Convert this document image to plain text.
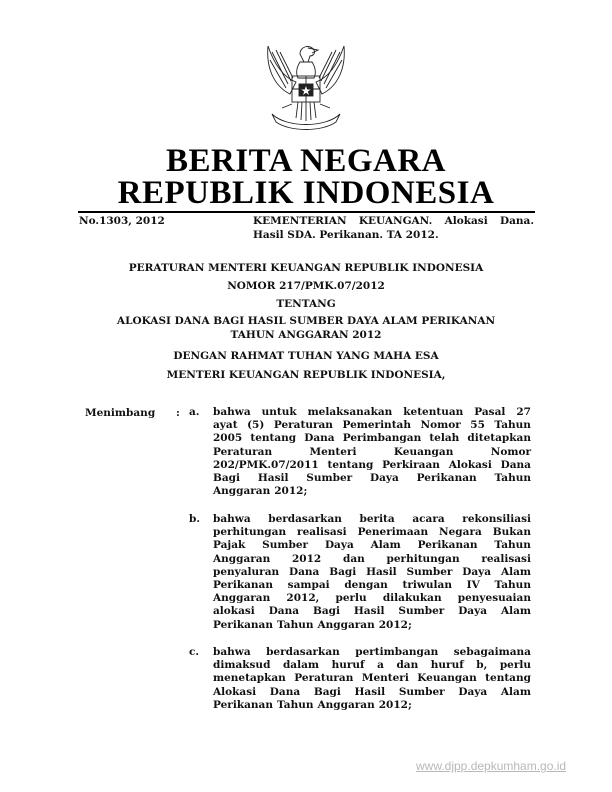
BERITA NEGARA
REPUBLIK INDONESIA
No.1303, 2012	KEMENTERIAN KEUANGAN. Alokasi Dana.
Hasil SDA. Perikanan. TA 2012.
PERATURAN MENTERI KEUANGAN REPUBLIK INDONESIA
NOMOR 217/PMK.07/2012
TENTANG
ALOKASI DANA BAGI HASIL SUMBER DAYA ALAM PERIKANAN
TAHUN ANGGARAN 2012
DENGAN RAHMAT TUHAN YANG MAHA ESA
MENTERI KEUANGAN REPUBLIK INDONESIA,
Menimbang : a. bahwa untuk melaksanakan ketentuan Pasal 27
ayat (5) Peraturan Pemerintah Nomor 55 Tahun
2005 tentang Dana Perimbangan telah ditetapkan
Peraturan	Menteri	Keuangan	Nomor
202/PMK.07/2011 tentang Perkiraan Alokasi Dana
Bagi Hasil Sumber Daya Perikanan Tahun
Anggaran 2012;
b. bahwa berdasarkan berita acara rekonsiliasi
perhitungan realisasi Penerimaan Negara Bukan
Pajak Sumber Daya Alam Perikanan Tahun
Anggaran 2012 dan perhitungan realisasi
penyaluran Dana Bagi Hasil Sumber Daya Alam
Perikanan sampai dengan triwulan IV Tahun
Anggaran 2012, perlu dilakukan penyesuaian
alokasi Dana Bagi Hasil Sumber Daya Alam
Perikanan Tahun Anggaran 2012;
c. bahwa berdasarkan pertimbangan sebagaimana
dimaksud dalam huruf a dan huruf b, perlu
menetapkan Peraturan Menteri Keuangan tentang
Alokasi Dana Bagi Hasil Sumber Daya Alam
Perikanan Tahun Anggaran 2012;
www.djpp.depkumham.go.id
